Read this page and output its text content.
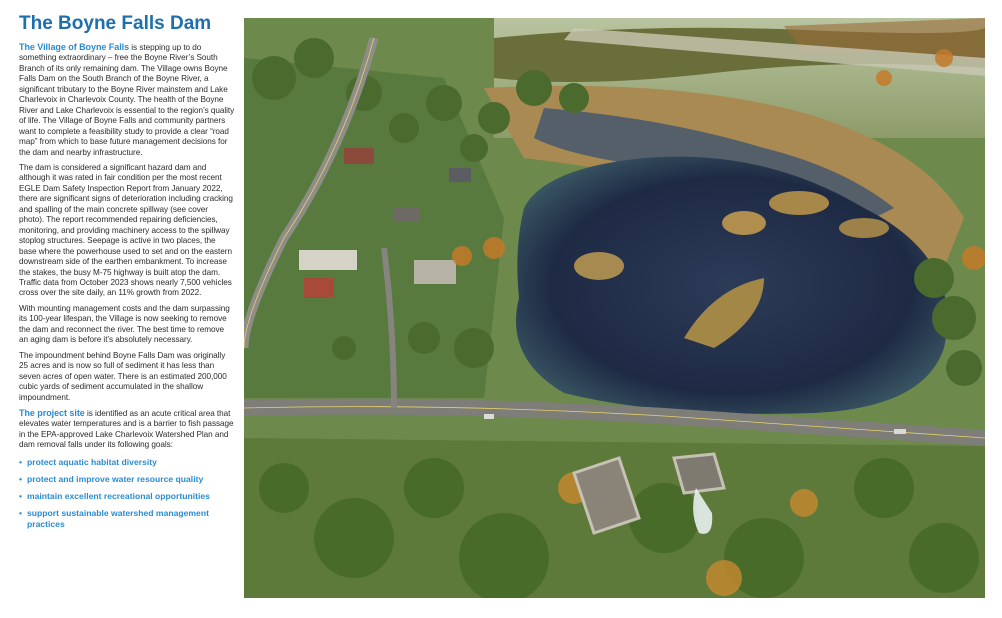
The Boyne Falls Dam

The Village of Boyne Falls is stepping up to do something extraordinary – free the Boyne River’s South Branch of its only remaining dam. The Village owns Boyne Falls Dam on the South Branch of the Boyne River, a significant tributary to the Boyne River mainstem and Lake Charlevoix in Charlevoix County. The health of the Boyne River and Lake Charlevoix is essential to the region’s quality of life. The Village of Boyne Falls and community partners want to complete a feasibility study to provide a clear “road map” from which to base future management decisions for the dam and nearby infrastructure.

The dam is considered a significant hazard dam and although it was rated in fair condition per the most recent EGLE Dam Safety Inspection Report from January 2022, there are significant signs of deterioration including cracking and spalling of the main concrete spillway (see cover photo). The report recommended repairing deficiencies, monitoring, and providing machinery access to the spillway stoplog structures. Seepage is active in two places, the base where the powerhouse used to set and on the eastern downstream side of the earthen embankment. To increase the stakes, the busy M-75 highway is built atop the dam. Traffic data from October 2023 shows nearly 7,500 vehicles cross over the site daily, an 11% growth from 2022.

With mounting management costs and the dam surpassing its 100-year lifespan, the Village is now seeking to remove the dam and reconnect the river. The best time to remove an aging dam is before it’s absolutely necessary.

The impoundment behind Boyne Falls Dam was originally 25 acres and is now so full of sediment it has less than seven acres of open water. There is an estimated 200,000 cubic yards of sediment accumulated in the shallow impoundment.

The project site is identified as an acute critical area that elevates water temperatures and is a barrier to fish passage in the EPA-approved Lake Charlevoix Watershed Plan and dam removal falls under its following goals:

• protect aquatic habitat diversity
• protect and improve water resource quality
• maintain excellent recreational opportunities
• support sustainable watershed management practices
